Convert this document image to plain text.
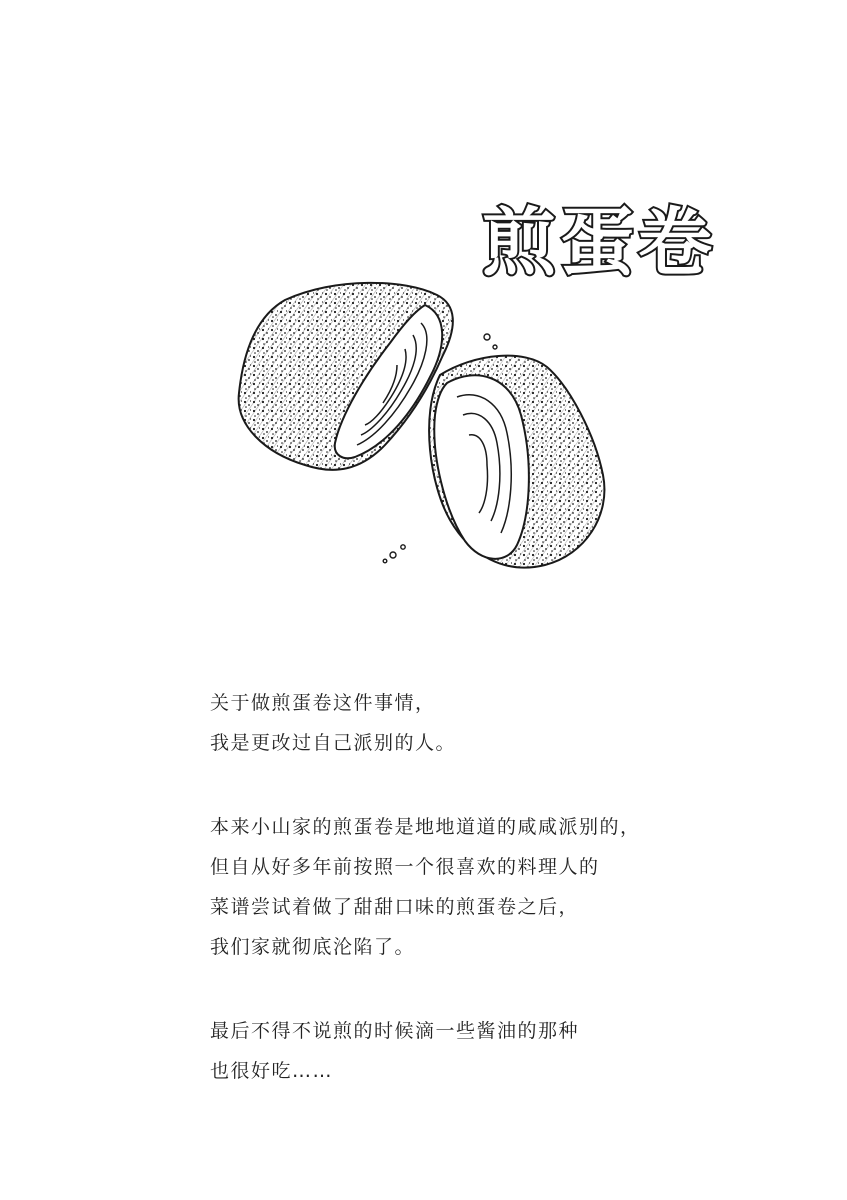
煎蛋卷
关于做煎蛋卷这件事情，
我是更改过自己派别的人。
本来小山家的煎蛋卷是地地道道的咸咸派别的，
但自从好多年前按照一个很喜欢的料理人的
菜谱尝试着做了甜甜口味的煎蛋卷之后，
我们家就彻底沦陷了。
最后不得不说煎的时候滴一些酱油的那种
也很好吃……
